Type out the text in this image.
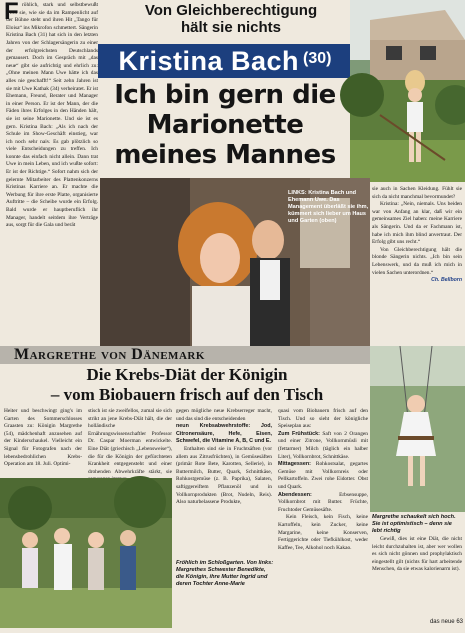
F röhlich, stark und selbstbewußt wirkt sie, wie sie da im Rampenlicht auf der Bühne steht und ihren Hit „Tango für Eloisa“ ins Mikrofon schmettert. Sängerin Kristina Bach (31) hat sich in den letzten Jahren von der Schlagersängerin zu einer der erfolgreichsten Deutschlands gemausert. Doch im Gespräch mit „das neue“ gibt sie aufrichtig und ehrlich zu: „Ohne meinen Mann Uwe hätte ich das alles nie geschafft!“ Seit zehn Jahren ist sie mit Uwe Kathak (34) verheiratet. Er ist Ehemann, Freund, Berater und Manager in einer Person. Er ist der Mann, der die Fäden ihres Erfolges in den Händen hält, sie ist seine Marionette. Und sie ist es gern. Kristina Bach: „Als ich nach der Schule im Show-Geschäft einstieg, war ich noch sehr naiv. Es gab plötzlich so viele Entscheidungen zu treffen. Ich konnte das einfach nicht allein. Dann trat Uwe in mein Leben, und ich wußte sofort: Er ist der Richtige.“ Sofort nahm sich der gelernte Mitarbeiter des Plattenkonzerns Kristinas Karriere an. Er machte die Werbung für ihre erste Platte, organisierte Auftritte – die Scheibe wurde ein Erfolg. Bald wurde er hauptberuflich ihr Manager, handelt seitdem ihre Verträge aus, sorgt für die Gala und berät

Von Gleichberechtigung
hält sie nichts
Kristina Bach (30)
Ich bin gern die
Marionette
meines Mannes
LINKS: Kristina Bach und Ehemann Uwe. Das Management überläßt sie ihm, kümmert sich lieber um Haus und Garten (oben)

sie auch in Sachen Kleidung. Fühlt sie sich da nicht manchmal bevormundet?

Kristina: „Nein, niemals. Uns beiden war von Anfang an klar, daß wir ein gemeinsames Ziel haben: meine Karriere als Sängerin. Und da er Fachmann ist, habe ich mich ihm blind anvertraut. Der Erfolg gibt uns recht.“

Von Gleichberechtigung hält die blonde Sängerin nichts. „Ich bin sein Lebenswerk, und da muß ich mich in vielen Sachen unterordnen.“

Ch. Bellborn

Margrethe von Dänemark
Die Krebs-Diät der Königin
– vom Biobauern frisch auf den Tisch
Margrethe schaukelt sich hoch. Sie ist optimistisch – denn sie lebt richtig

Heiter und beschwingt ging's im Garten des Sommerschlosses Graasten zu: Königin Margrethe (54), mädchenhaft anzusehen auf der Kinderschaukel. Vielleicht ein Signal für Fotografen nach der lebensbedrohlichen Krebs-Operation am 18. Juli. Optimi-

stisch ist sie zweifellos, zumal sie sich strikt an jene Krebs-Diät hält, die der holländische Ernährungswissenschaftler Professor Dr. Caspar Moerman entwickelte. Eine Diät (griechisch „Lebensweise“), die für die Königin der gefürchteten Krankheit entgegensteht und einer drohenden Abwehrkräfte stärkt, sie

gegen mögliche neue Krebserreger macht, und das sind die entscheidenden

neun Krebsabwehrstoffe: Jod, Citronensäure, Hefe, Eisen, Schwefel, die Vitamine A, B, C und E.

Enthalten sind sie in Fruchtsäften (vor allem aus Zitrusfrüchten), in Gemüsesäften (primär Rote Bete, Karotten, Sellerie), in Buttermilch, Butter, Quark, Schnittkäse, Rohkostgemüse (z. B. Paprika), Salaten, saftiggereiftem Pflanzenöl und in Vollkornprodukten (Brot, Nudeln, Reis). Also naturbelassene Produkte,

quasi vom Biobauern frisch auf den Tisch. Und so sieht der königliche Speiseplan aus:

Zum Frühstück: Saft von 2 Orangen und einer Zitrone, Vollkornmüsli mit (fettarmer) Milch (täglich ein halber Liter), Vollkornbrot, Schnittkäse.

Mittagessen: Rohkostsalat, gegartes Gemüse mit Vollkornreis oder Pellkartoffeln. Zwei rohe Eidotter. Obst und Quark.

Abendessen:	Erbsensuppe, Vollkornbrot mit Butter. Früchte, Fruchtoder Gemüsesäfte.

Kein Fleisch, kein Fisch, keine Kartoffeln, kein Zucker, keine Margarine, keine Konserven, Fertiggerichte oder Tiefkühlkost, weder Kaffee, Tee, Alkohol noch Kakao.

Fröhlich im Schloßgarten. Von links: Margrethes Schwester Benedikte, die Königin, ihre Mutter Ingrid und deren Tochter Anne-Marie

Gewiß, dies ist eine Diät, die nicht leicht durchzuhalten ist, aber wer wollen es sich nicht gönnen und prophylaktisch eingestellt gilt (nichts für hart arbeitende Menschen, da sie etwas kalorienarm ist).

das neue 63
